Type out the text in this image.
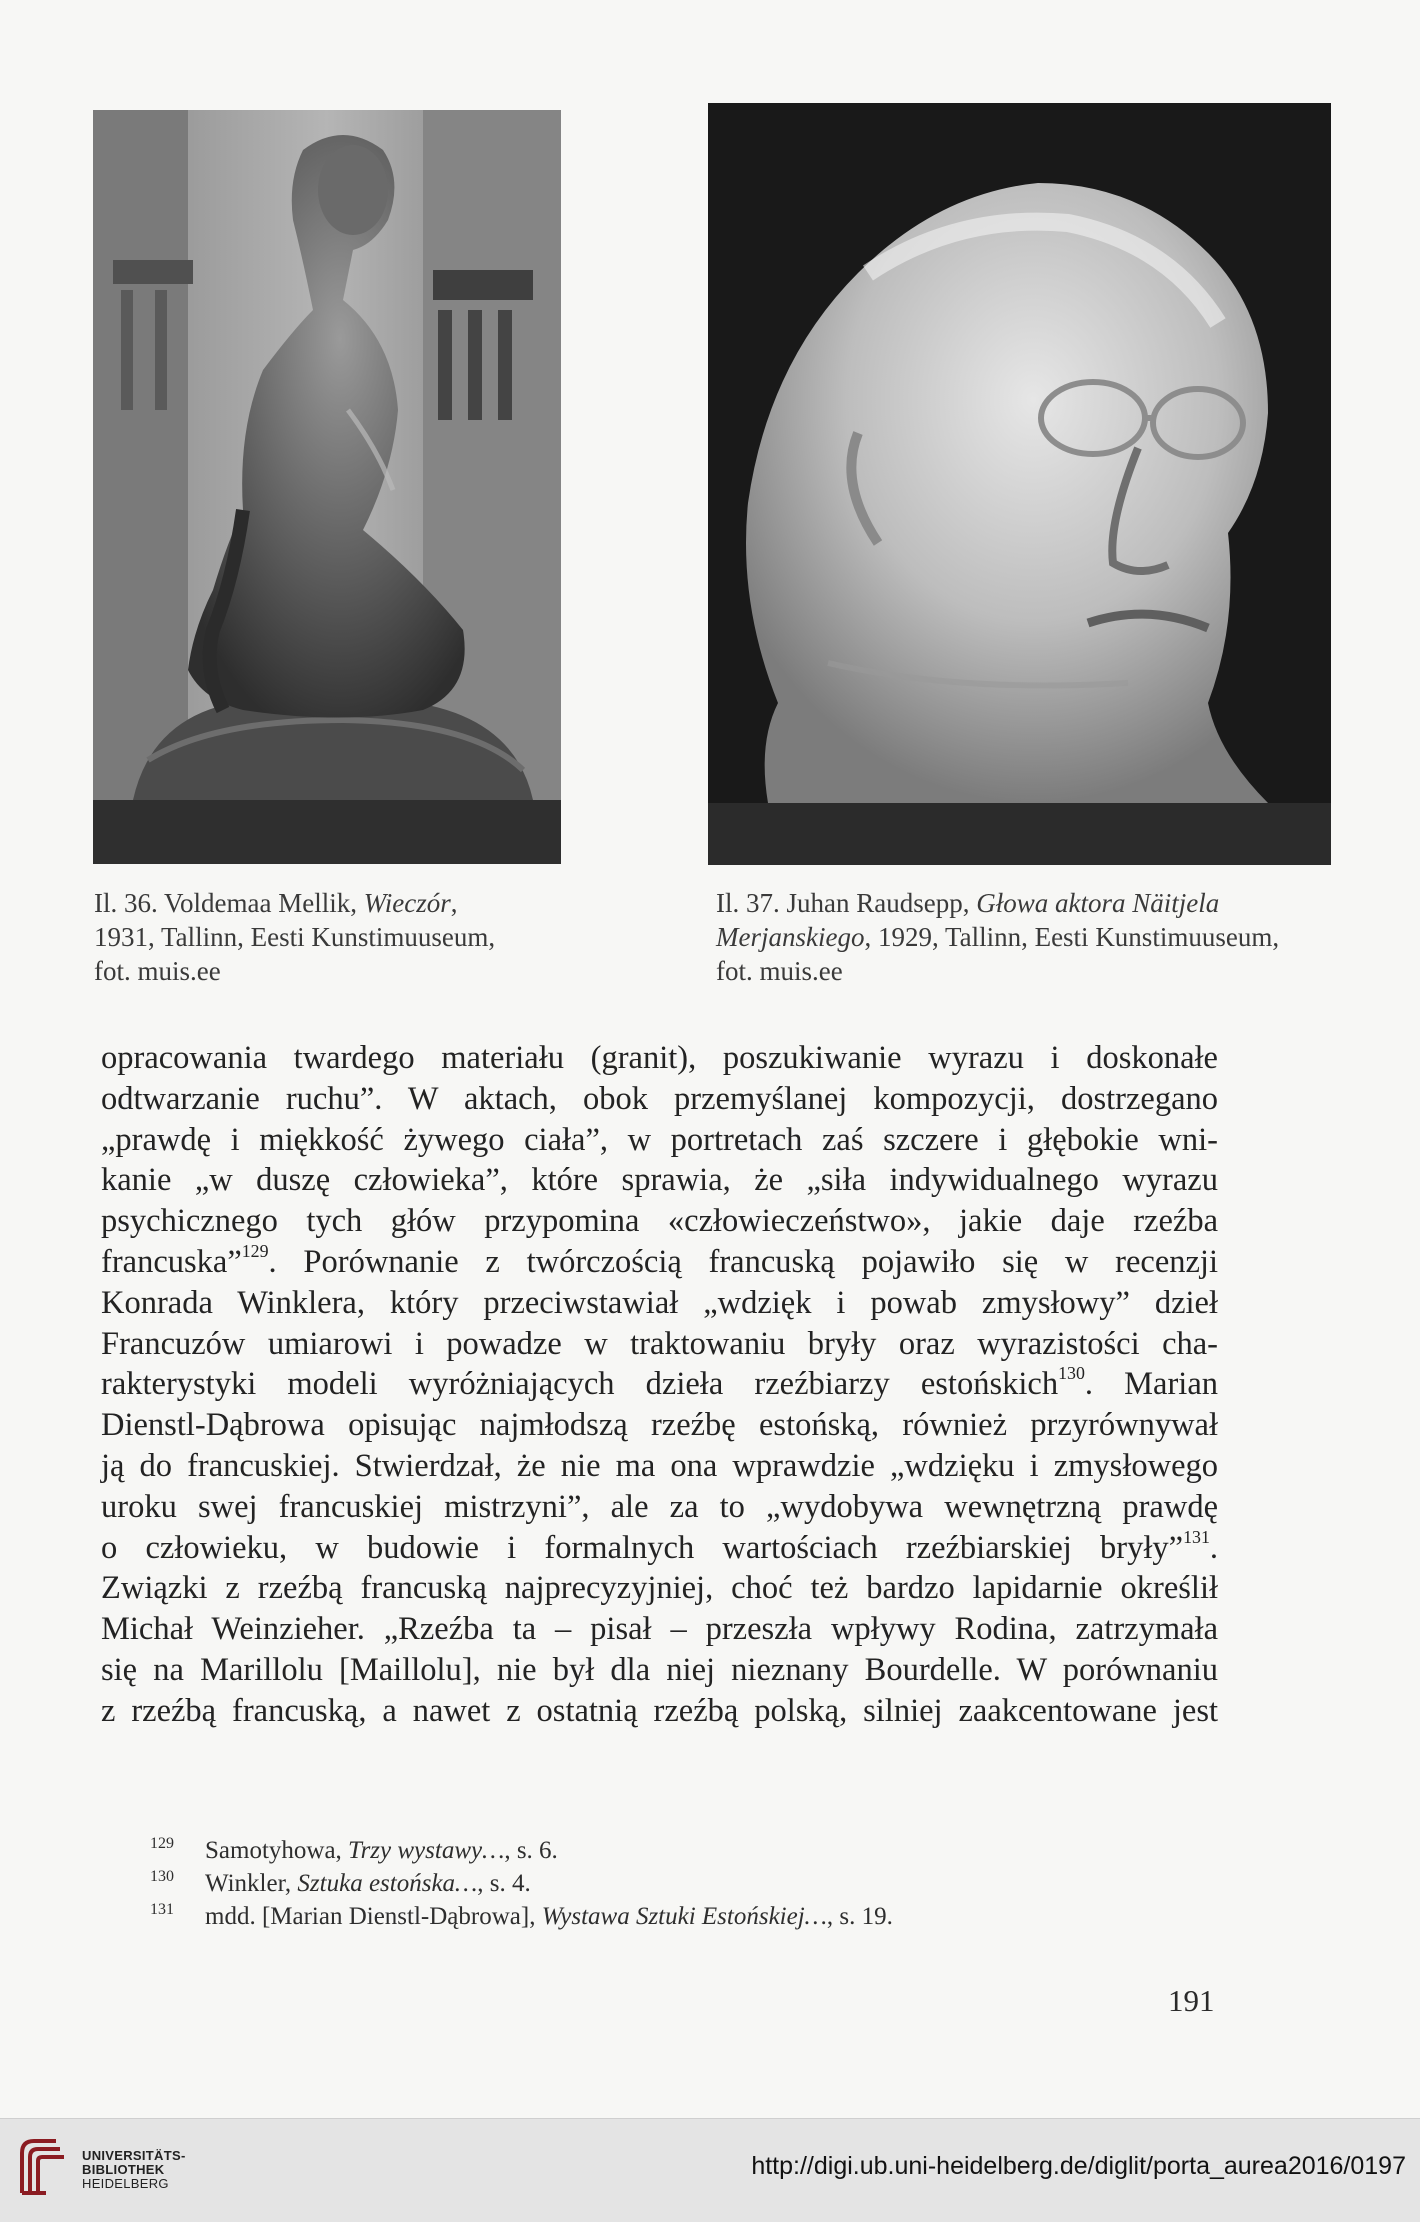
Il. 36. Voldemaa Mellik, Wieczór,
1931, Tallinn, Eesti Kunstimuuseum,
fot. muis.ee

Il. 37. Juhan Raudsepp, Głowa aktora Näitjela
Merjanskiego, 1929, Tallinn, Eesti Kunstimuuseum,
fot. muis.ee

opracowania twardego materiału (granit), poszukiwanie wyrazu i doskonałe
odtwarzanie ruchu”. W aktach, obok przemyślanej kompozycji, dostrzegano
„prawdę i miękkość żywego ciała”, w portretach zaś szczere i głębokie wni-
kanie „w duszę człowieka”, które sprawia, że „siła indywidualnego wyrazu
psychicznego tych głów przypomina «człowieczeństwo», jakie daje rzeźba
francuska”$^{129}$. Porównanie z twórczością francuską pojawiło się w recenzji
Konrada Winklera, który przeciwstawiał „wdzięk i powab zmysłowy” dzieł
Francuzów umiarowi i powadze w traktowaniu bryły oraz wyrazistości cha-
rakterystyki modeli wyróżniających dzieła rzeźbiarzy estońskich$^{130}$. Marian
Dienstl-Dąbrowa opisując najmłodszą rzeźbę estońską, również przyrównywał
ją do francuskiej. Stwierdzał, że nie ma ona wprawdzie „wdzięku i zmysłowego
uroku swej francuskiej mistrzyni”, ale za to „wydobywa wewnętrzną prawdę
o człowieku, w budowie i formalnych wartościach rzeźbiarskiej bryły”$^{131}$.
Związki z rzeźbą francuską najprecyzyjniej, choć też bardzo lapidarnie określił
Michał Weinzieher. „Rzeźba ta – pisał – przeszła wpływy Rodina, zatrzymała
się na Marillolu [Maillolu], nie był dla niej nieznany Bourdelle. W porównaniu
z rzeźbą francuską, a nawet z ostatnią rzeźbą polską, silniej zaakcentowane jest
129 Samotyhowa, Trzy wystawy…, s. 6.
130 Winkler, Sztuka estońska…, s. 4.
131 mdd. [Marian Dienstl-Dąbrowa], Wystawa Sztuki Estońskiej…, s. 19.
191
UNIVERSITÄTS-
BIBLIOTHEK
HEIDELBERG
http://digi.ub.uni-heidelberg.de/diglit/porta_aurea2016/0197
